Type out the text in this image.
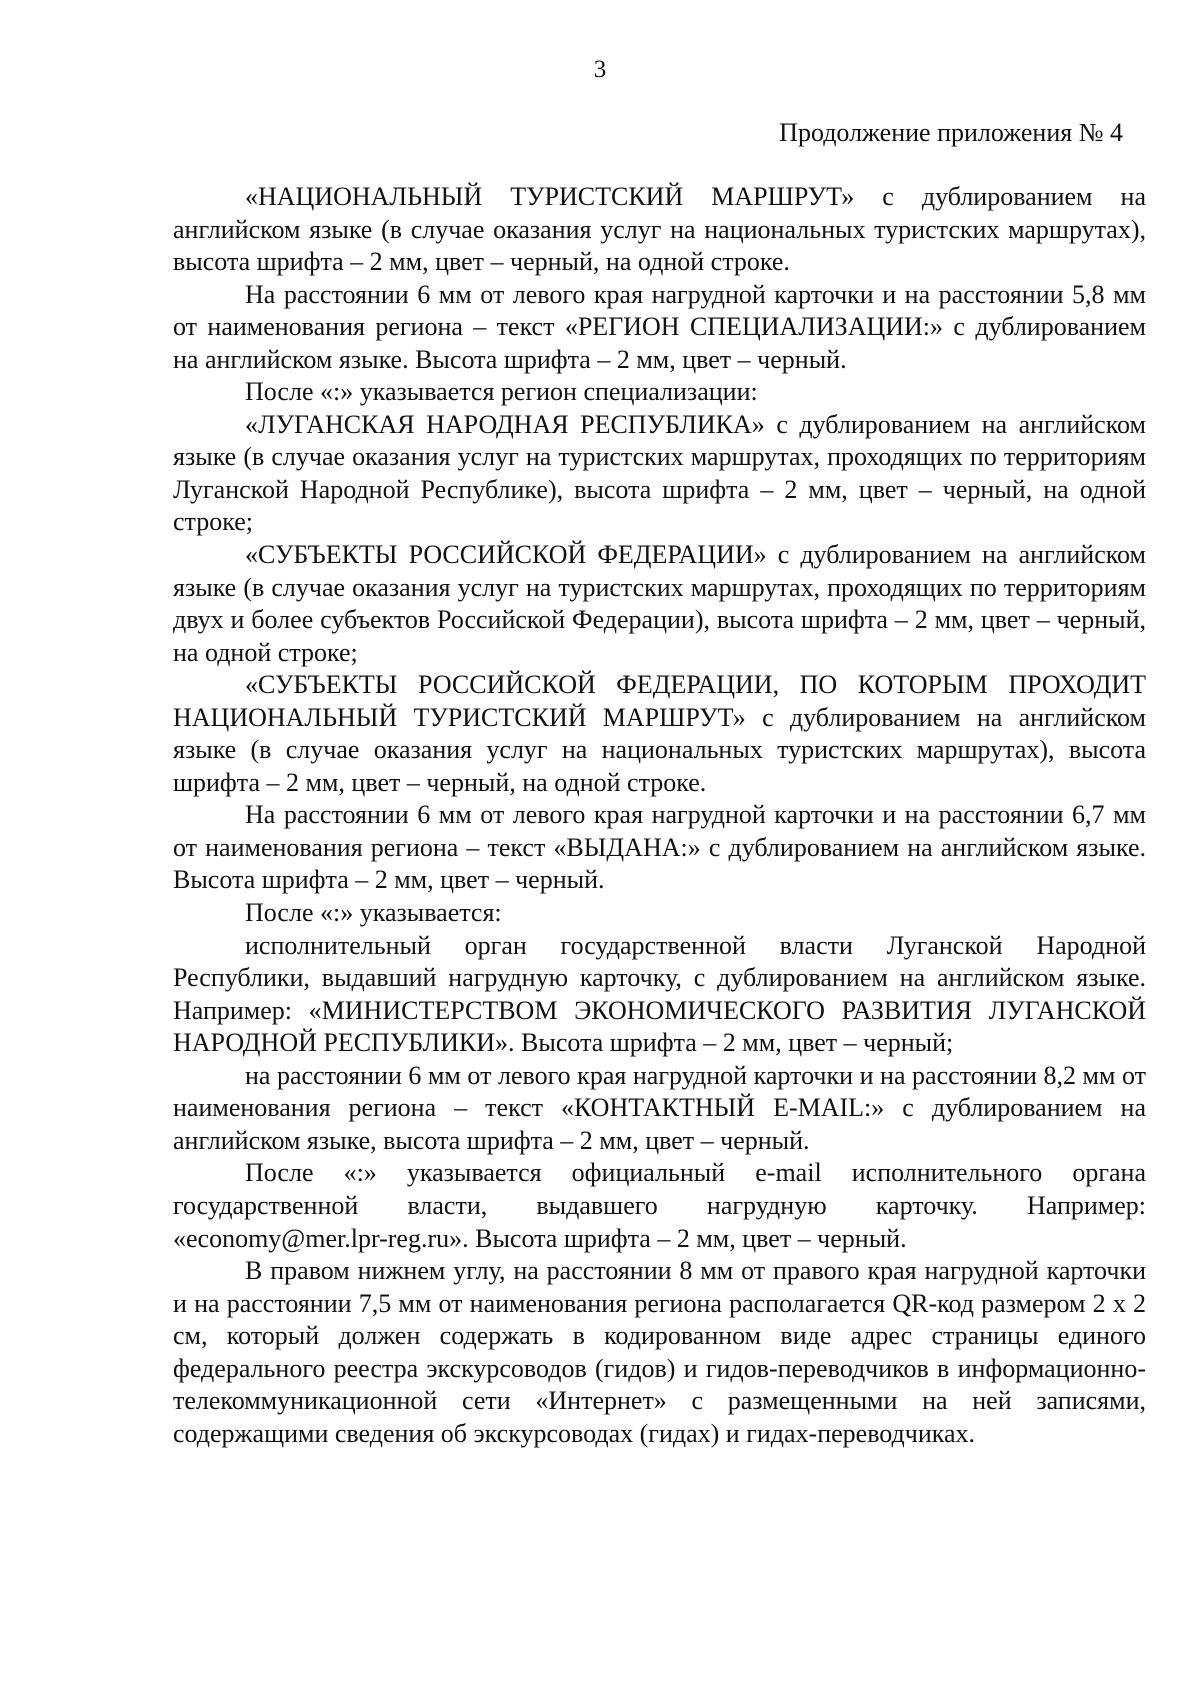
3
Продолжение приложения № 4

«НАЦИОНАЛЬНЫЙ ТУРИСТСКИЙ МАРШРУТ» с дублированием на английском языке (в случае оказания услуг на национальных туристских маршрутах), высота шрифта – 2 мм, цвет – черный, на одной строке.

На расстоянии 6 мм от левого края нагрудной карточки и на расстоянии 5,8 мм от наименования региона – текст «РЕГИОН СПЕЦИАЛИЗАЦИИ:» с дублированием на английском языке. Высота шрифта – 2 мм, цвет – черный.

После «:» указывается регион специализации:

«ЛУГАНСКАЯ НАРОДНАЯ РЕСПУБЛИКА» с дублированием на английском языке (в случае оказания услуг на туристских маршрутах, проходящих по территориям Луганской Народной Республике), высота шрифта – 2 мм, цвет – черный, на одной строке;

«СУБЪЕКТЫ РОССИЙСКОЙ ФЕДЕРАЦИИ» с дублированием на английском языке (в случае оказания услуг на туристских маршрутах, проходящих по территориям двух и более субъектов Российской Федерации), высота шрифта – 2 мм, цвет – черный, на одной строке;

«СУБЪЕКТЫ РОССИЙСКОЙ ФЕДЕРАЦИИ, ПО КОТОРЫМ ПРОХОДИТ НАЦИОНАЛЬНЫЙ ТУРИСТСКИЙ МАРШРУТ» с дублированием на английском языке (в случае оказания услуг на национальных туристских маршрутах), высота шрифта – 2 мм, цвет – черный, на одной строке.

На расстоянии 6 мм от левого края нагрудной карточки и на расстоянии 6,7 мм от наименования региона – текст «ВЫДАНА:» с дублированием на английском языке. Высота шрифта – 2 мм, цвет – черный.

После «:» указывается:

исполнительный орган государственной власти Луганской Народной Республики, выдавший нагрудную карточку, с дублированием на английском языке. Например: «МИНИСТЕРСТВОМ ЭКОНОМИЧЕСКОГО РАЗВИТИЯ ЛУГАНСКОЙ НАРОДНОЙ РЕСПУБЛИКИ». Высота шрифта – 2 мм, цвет – черный;

на расстоянии 6 мм от левого края нагрудной карточки и на расстоянии 8,2 мм от наименования региона – текст «КОНТАКТНЫЙ E-MAIL:» с дублированием на английском языке, высота шрифта – 2 мм, цвет – черный.

После «:» указывается официальный e-mail исполнительного органа государственной власти, выдавшего нагрудную карточку. Например: «economy@mer.lpr-reg.ru». Высота шрифта – 2 мм, цвет – черный.

В правом нижнем углу, на расстоянии 8 мм от правого края нагрудной карточки и на расстоянии 7,5 мм от наименования региона располагается QR-код размером 2 х 2 см, который должен содержать в кодированном виде адрес страницы единого федерального реестра экскурсоводов (гидов) и гидов-переводчиков в информационно-телекоммуникационной сети «Интернет» с размещенными на ней записями, содержащими сведения об экскурсоводах (гидах) и гидах-переводчиках.
